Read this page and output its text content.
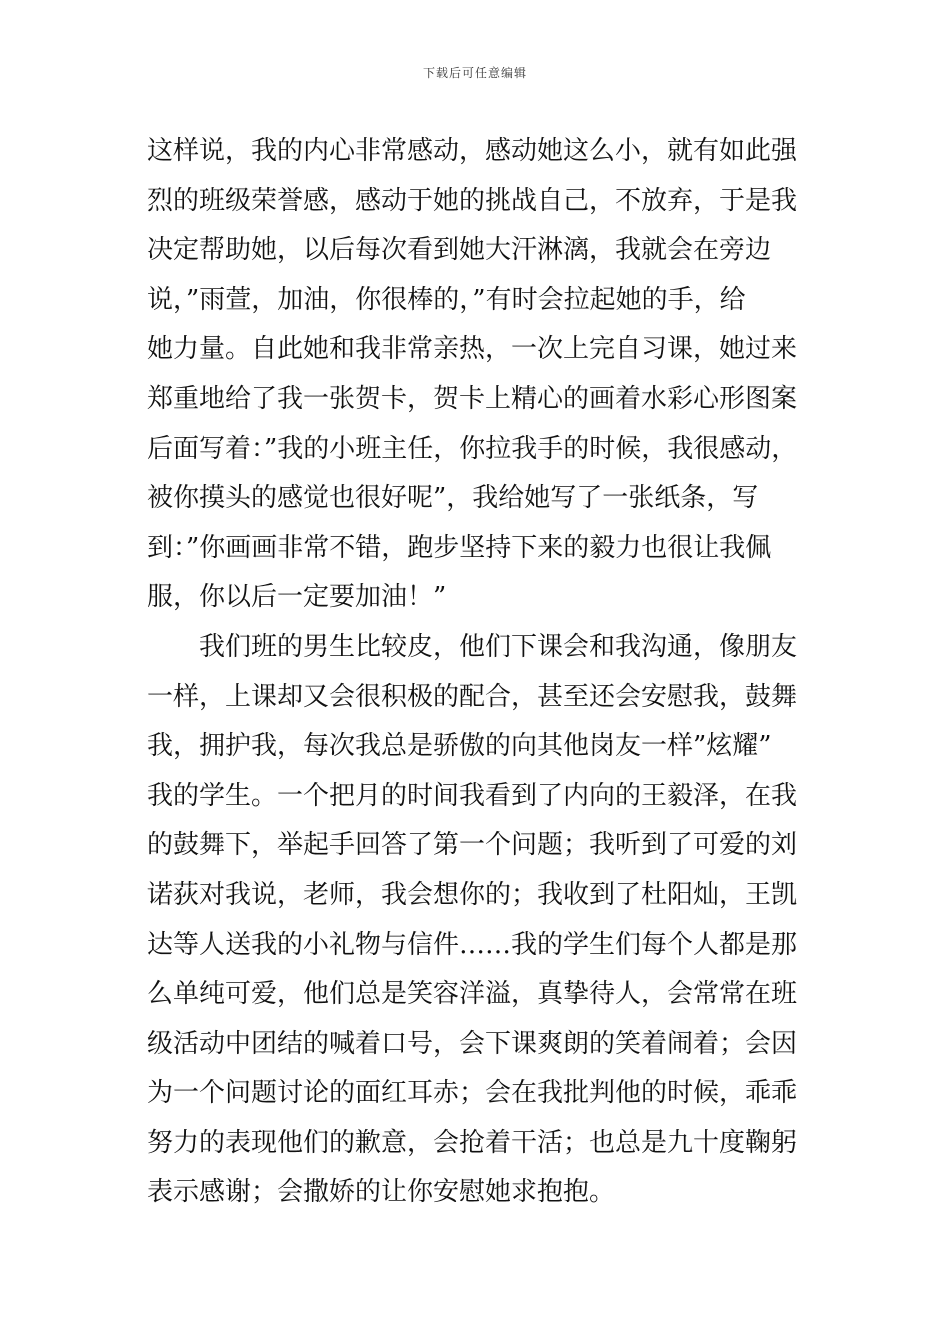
下载后可任意编辑
这样说，我的内心非常感动，感动她这么小，就有如此强
烈的班级荣誉感，感动于她的挑战自己，不放弃，于是我
决定帮助她，以后每次看到她大汗淋漓，我就会在旁边
说，”雨萱，加油，你很棒的，”有时会拉起她的手，给
她力量。自此她和我非常亲热，一次上完自习课，她过来
郑重地给了我一张贺卡，贺卡上精心的画着水彩心形图案
后面写着：”我的小班主任，你拉我手的时候，我很感动，
被你摸头的感觉也很好呢”，我给她写了一张纸条，写
到：”你画画非常不错，跑步坚持下来的毅力也很让我佩
服，你以后一定要加油！”
我们班的男生比较皮，他们下课会和我沟通，像朋友
一样，上课却又会很积极的配合，甚至还会安慰我，鼓舞
我，拥护我，每次我总是骄傲的向其他岗友一样”炫耀”
我的学生。一个把月的时间我看到了内向的王毅泽，在我
的鼓舞下，举起手回答了第一个问题；我听到了可爱的刘
诺荻对我说，老师，我会想你的；我收到了杜阳灿，王凯
达等人送我的小礼物与信件……我的学生们每个人都是那
么单纯可爱，他们总是笑容洋溢，真挚待人，会常常在班
级活动中团结的喊着口号，会下课爽朗的笑着闹着；会因
为一个问题讨论的面红耳赤；会在我批判他的时候，乖乖
努力的表现他们的歉意，会抢着干活；也总是九十度鞠躬
表示感谢；会撒娇的让你安慰她求抱抱。
